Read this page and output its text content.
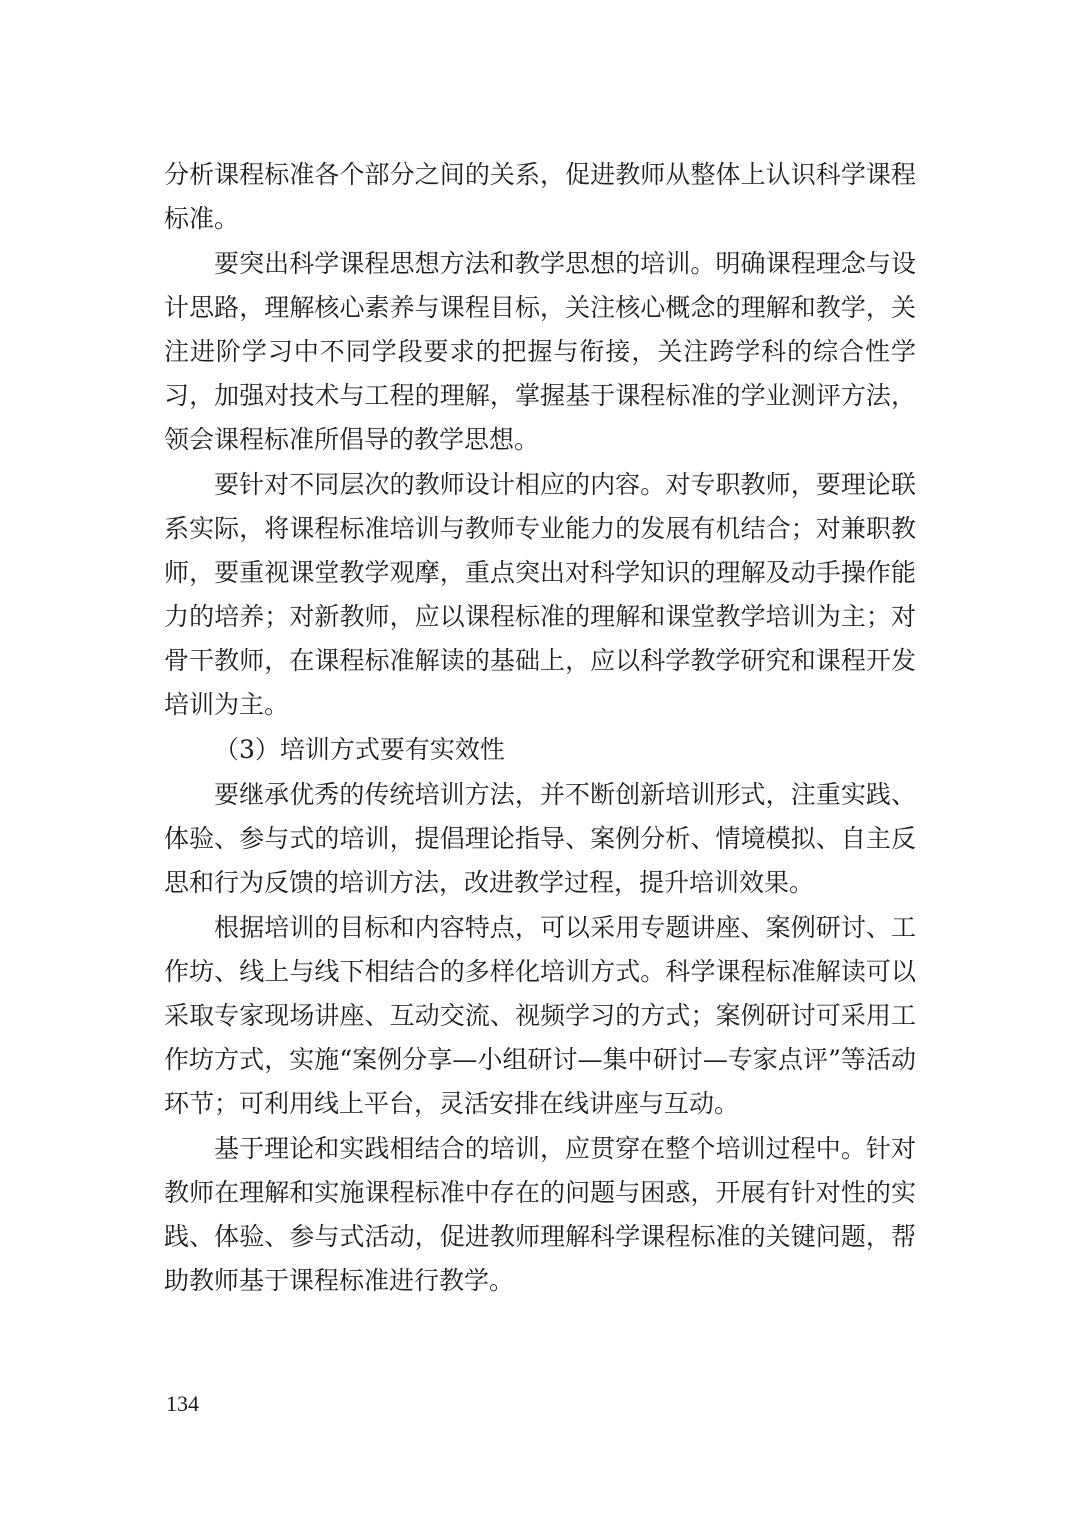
分析课程标准各个部分之间的关系，促进教师从整体上认识科学课程标准。

要突出科学课程思想方法和教学思想的培训。明确课程理念与设计思路，理解核心素养与课程目标，关注核心概念的理解和教学，关注进阶学习中不同学段要求的把握与衔接，关注跨学科的综合性学习，加强对技术与工程的理解，掌握基于课程标准的学业测评方法，领会课程标准所倡导的教学思想。

要针对不同层次的教师设计相应的内容。对专职教师，要理论联系实际，将课程标准培训与教师专业能力的发展有机结合；对兼职教师，要重视课堂教学观摩，重点突出对科学知识的理解及动手操作能力的培养；对新教师，应以课程标准的理解和课堂教学培训为主；对骨干教师，在课程标准解读的基础上，应以科学教学研究和课程开发培训为主。

（3）培训方式要有实效性

要继承优秀的传统培训方法，并不断创新培训形式，注重实践、体验、参与式的培训，提倡理论指导、案例分析、情境模拟、自主反思和行为反馈的培训方法，改进教学过程，提升培训效果。

根据培训的目标和内容特点，可以采用专题讲座、案例研讨、工作坊、线上与线下相结合的多样化培训方式。科学课程标准解读可以采取专家现场讲座、互动交流、视频学习的方式；案例研讨可采用工作坊方式，实施“案例分享—小组研讨—集中研讨—专家点评”等活动环节；可利用线上平台，灵活安排在线讲座与互动。

基于理论和实践相结合的培训，应贯穿在整个培训过程中。针对教师在理解和实施课程标准中存在的问题与困惑，开展有针对性的实践、体验、参与式活动，促进教师理解科学课程标准的关键问题，帮助教师基于课程标准进行教学。

134
